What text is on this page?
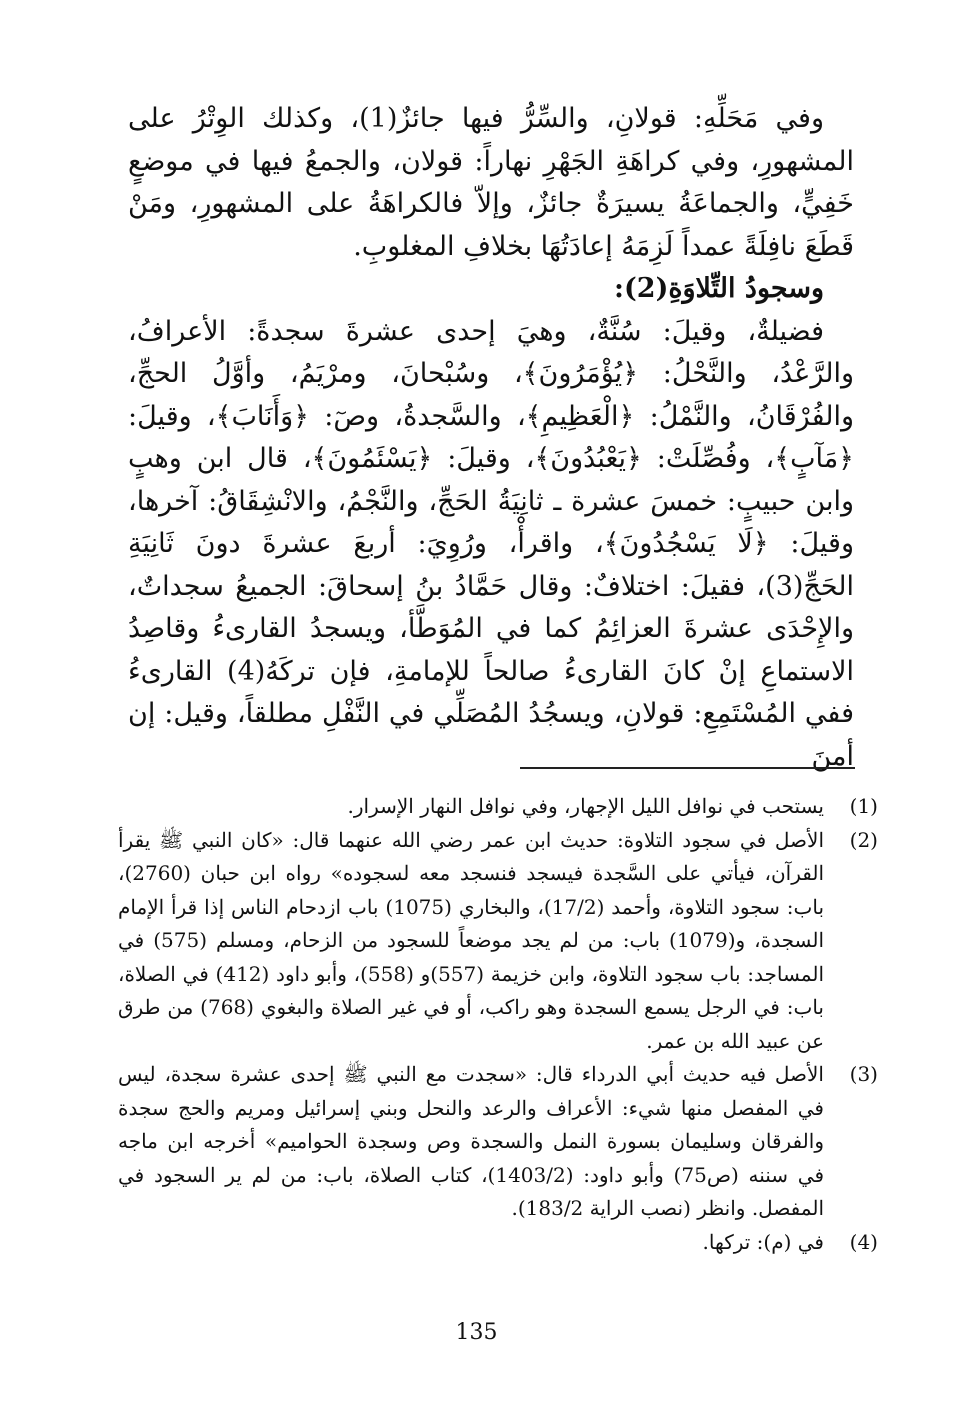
وفي مَحَلِّهِ: قولانِ، والسِّرُّ فيها جائزٌ(1)، وكذلك الوِتْرُ على المشهورِ، وفي كراهَةِ الجَهْرِ نهاراً: قولان، والجمعُ فيها في موضعٍ خَفِيٍّ، والجماعَةُ يسيرَةٌ جائزٌ، وإلاّ فالكراهَةُ على المشهورِ، ومَنْ قَطَعَ نافِلَةً عمداً لَزِمَهُ إعادَتُهَا بخلافِ المغلوبِ.

وسجودُ التِّلاوَةِ(2):

فضيلةٌ، وقيلَ: سُنَّةٌ، وهيَ إحدى عشرةَ سجدةً: الأعرافُ، والرَّعْدُ، والنَّحْلُ: ﴿يُؤْمَرُونَ﴾، وسُبْحانَ، ومرْيَمُ، وأوَّلُ الحجِّ، والفُرْقَانُ، والنَّمْلُ: ﴿الْعَظِيمِ﴾، والسَّجدةُ، وصٓ: ﴿وَأَنَابَ﴾، وقيلَ: ﴿مَآبٍ﴾، وفُصِّلَتْ: ﴿يَعْبُدُونَ﴾، وقيلَ: ﴿يَسْئَمُونَ﴾، قال ابن وهبٍ وابن حبيبٍ: خمسَ عشرة ـ ثانِيَةُ الحَجِّ، والنَّجْمُ، والانْشِقَاقُ: آخرها، وقيلَ: ﴿لَا يَسْجُدُونَ﴾، واقرأْ، ورُوِيَ: أربعَ عشرةَ دونَ ثَانِيَةِ الحَجِّ(3)، فقيلَ: اختلافٌ: وقال حَمَّادُ بنُ إسحاقَ: الجميعُ سجداتٌ، والإِحْدَى عشرةَ العزائِمُ كما في المُوَطَّأ، ويسجدُ القارىءُ وقاصِدُ الاستماعِ إنْ كانَ القارىءُ صالحاً للإمامةِ، فإن تركَهُ(4) القارىءُ ففي المُسْتَمِعِ: قولانِ، ويسجُدُ المُصَلِّي في النَّفْلِ مطلقاً، وقيل: إن أمنَ

(1)
يستحب في نوافل الليل الإجهار، وفي نوافل النهار الإسرار.
(2)
الأصل في سجود التلاوة: حديث ابن عمر رضي الله عنهما قال: «كان النبي ﷺ يقرأ القرآن، فيأتي على السَّجدة فيسجد فنسجد معه لسجوده» رواه ابن حبان (2760)، باب: سجود التلاوة، وأحمد (17/2)، والبخاري (1075) باب ازدحام الناس إذا قرأ الإمام السجدة، و(1079) باب: من لم يجد موضعاً للسجود من الزحام، ومسلم (575) في المساجد: باب سجود التلاوة، وابن خزيمة (557)و (558)، وأبو داود (412) في الصلاة، باب: في الرجل يسمع السجدة وهو راكب، أو في غير الصلاة والبغوي (768) من طرق عن عبيد الله بن عمر.
(3)
الأصل فيه حديث أبي الدرداء قال: «سجدت مع النبي ﷺ إحدى عشرة سجدة، ليس في المفصل منها شيء: الأعراف والرعد والنحل وبني إسرائيل ومريم والحج سجدة والفرقان وسليمان بسورة النمل والسجدة وص وسجدة الحواميم» أخرجه ابن ماجه في سننه (ص75) وأبو داود: (1403/2)، كتاب الصلاة، باب: من لم ير السجود في المفصل. وانظر (نصب الراية 183/2).
(4)
في (م): تركها.
135
